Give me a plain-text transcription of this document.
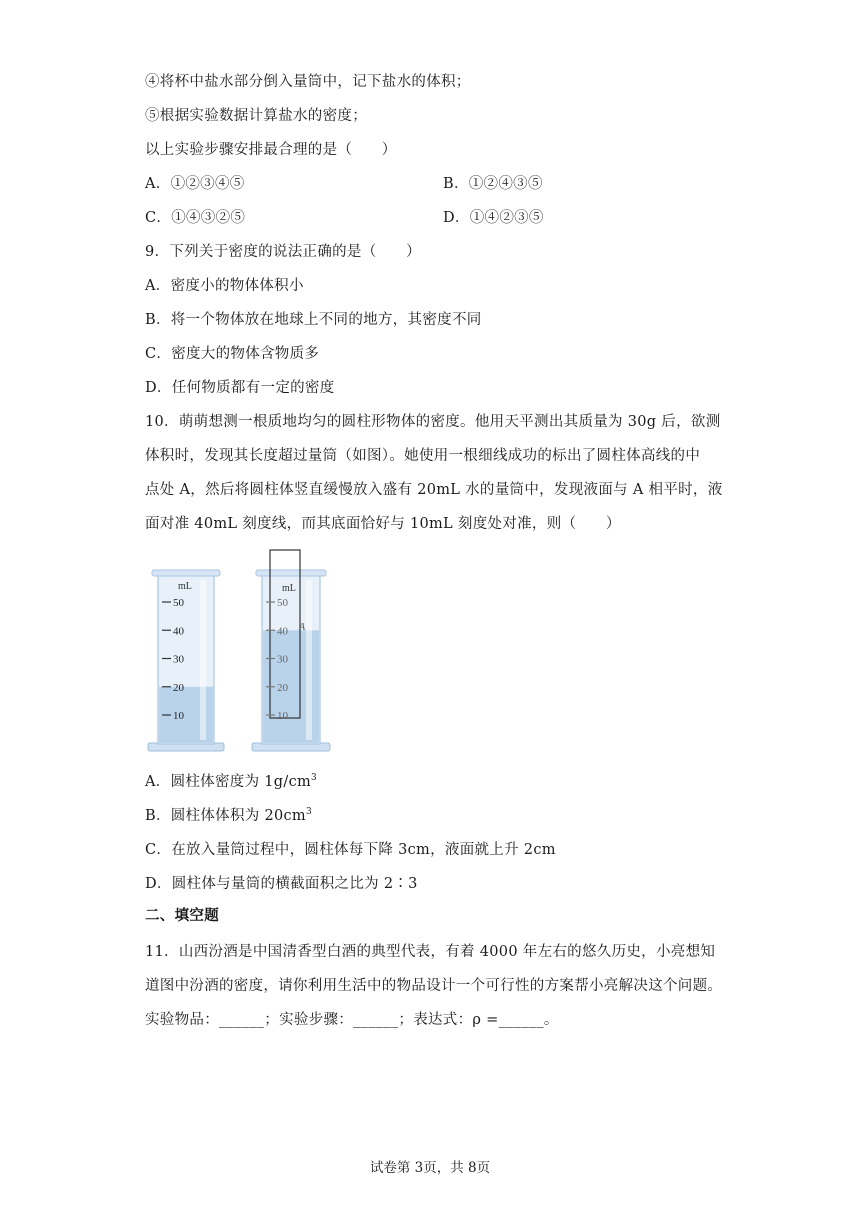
④将杯中盐水部分倒入量筒中，记下盐水的体积；
⑤根据实验数据计算盐水的密度；
以上实验步骤安排最合理的是（　　）
A．①②③④⑤	B．①②④③⑤
C．①④③②⑤	D．①④②③⑤
9．下列关于密度的说法正确的是（　　）
A．密度小的物体体积小
B．将一个物体放在地球上不同的地方，其密度不同
C．密度大的物体含物质多
D．任何物质都有一定的密度
10．萌萌想测一根质地均匀的圆柱形物体的密度。他用天平测出其质量为 30g 后，欲测
体积时，发现其长度超过量筒（如图）。她使用一根细线成功的标出了圆柱体高线的中
点处 A，然后将圆柱体竖直缓慢放入盛有 20mL 水的量筒中，发现液面与 A 相平时，液
面对准 40mL 刻度线，而其底面恰好与 10mL 刻度处对准，则（　　）
mL
50
40
30
20
10
mL
A
50
40
30
20
10
A．圆柱体密度为 $1g/cm^3$
B．圆柱体体积为 $20cm^3$
C．在放入量筒过程中，圆柱体每下降 3cm，液面就上升 2cm
D．圆柱体与量筒的横截面积之比为 2∶3
二、填空题
11．山西汾酒是中国清香型白酒的典型代表，有着 4000 年左右的悠久历史，小亮想知
道图中汾酒的密度，请你利用生活中的物品设计一个可行性的方案帮小亮解决这个问题。
实验物品：______；实验步骤：______；表达式：ρ =______。
试卷第 3页，共 8页
